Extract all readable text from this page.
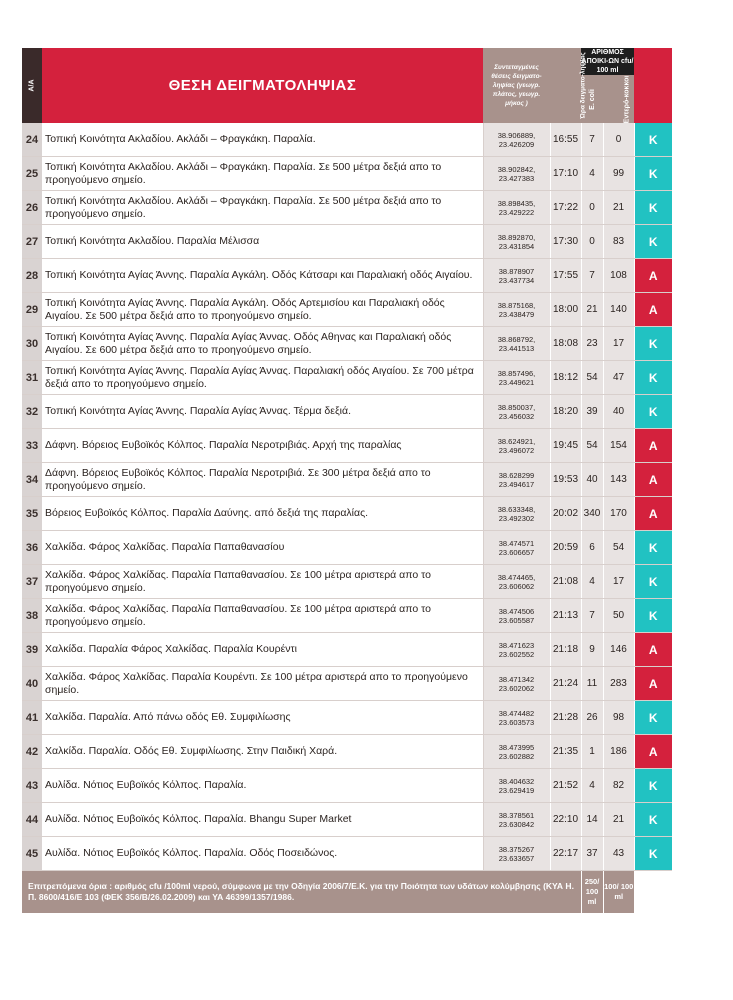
Α/Α	ΘΕΣΗ ΔΕΙΓΜΑΤΟΛΗΨΙΑΣ	Συντεταγμένες θέσεις δειγματο-ληψίας (γεωγρ. πλάτος, γεωγρ. μήκος )	Ώρα δειγματο-ληψίας	ΑΡΙΘΜΟΣ ΑΠΟΙΚΙ-ΩΝ cfu/ 100 ml		ΚΑΤΑΛΛΗΛΑ (Κ) ΑΚΑΤΑΛΛΗΛΑ (Α)
				E. coli	Εντερό-κοκκοι	
24	Τοπική Κοινότητα Ακλαδίου. Ακλάδι – Φραγκάκη. Παραλία.	38.906889,
23.426209	16:55	7	0	Κ
25	Τοπική Κοινότητα Ακλαδίου. Ακλάδι – Φραγκάκη. Παραλία. Σε 500 μέτρα δεξιά απο το προηγούμενο σημείο.	38.902842,
23.427383	17:10	4	99	Κ
26	Τοπική Κοινότητα Ακλαδίου. Ακλάδι – Φραγκάκη. Παραλία. Σε 500 μέτρα δεξιά απο το προηγούμενο σημείο.	38.898435,
23.429222	17:22	0	21	Κ
27	Τοπική Κοινότητα Ακλαδίου. Παραλία Μέλισσα	38.892870,
23.431854	17:30	0	83	Κ
28	Τοπική Κοινότητα Αγίας Άννης. Παραλία Αγκάλη. Οδός Κάτσαρι και Παραλιακή οδός Αιγαίου.	38.878907
23.437734	17:55	7	108	Α
29	Τοπική Κοινότητα Αγίας Άννης. Παραλία Αγκάλη. Οδός Αρτεμισίου και Παραλιακή οδός Αιγαίου. Σε 500 μέτρα δεξιά απο το προηγούμενο σημείο.	38.875168,
23.438479	18:00	21	140	Α
30	Τοπική Κοινότητα Αγίας Άννης. Παραλία Αγίας Άννας. Οδός Αθηνας και Παραλιακή οδός Αιγαίου. Σε 600 μέτρα δεξιά απο το προηγούμενο σημείο.	38.868792,
23.441513	18:08	23	17	Κ
31	Τοπική Κοινότητα Αγίας Άννης. Παραλία Αγίας Άννας. Παραλιακή οδός Αιγαίου. Σε 700 μέτρα δεξιά απο το προηγούμενο σημείο.	38.857496,
23.449621	18:12	54	47	Κ
32	Τοπική Κοινότητα Αγίας Άννης. Παραλία Αγίας Άννας. Τέρμα δεξιά.	38.850037,
23.456032	18:20	39	40	Κ
33	Δάφνη. Βόρειος Ευβοϊκός Κόλπος. Παραλία Νεροτριβιάς. Αρχή της παραλίας	38.624921,
23.496072	19:45	54	154	Α
34	Δάφνη. Βόρειος Ευβοϊκός Κόλπος. Παραλία Νεροτριβιά. Σε 300 μέτρα δεξιά απο το προηγούμενο σημείο.	38.628299
23.494617	19:53	40	143	Α
35	Βόρειος Ευβοϊκός Κόλπος. Παραλία Δαύνης. από δεξιά της παραλίας.	38.633348,
23.492302	20:02	340	170	Α
36	Χαλκίδα. Φάρος Χαλκίδας. Παραλία Παπαθανασίου	38.474571
23.606657	20:59	6	54	Κ
37	Χαλκίδα. Φάρος Χαλκίδας. Παραλία Παπαθανασίου. Σε 100 μέτρα αριστερά απο το προηγούμενο σημείο.	38.474465,
23.606062	21:08	4	17	Κ
38	Χαλκίδα. Φάρος Χαλκίδας. Παραλία Παπαθανασίου. Σε 100 μέτρα αριστερά απο το προηγούμενο σημείο.	38.474506
23.605587	21:13	7	50	Κ
39	Χαλκίδα. Παραλία Φάρος Χαλκίδας. Παραλία Κουρέντι	38.471623
23.602552	21:18	9	146	Α
40	Χαλκίδα. Φάρος Χαλκίδας. Παραλία Κουρέντι. Σε 100 μέτρα αριστερά απο το προηγούμενο σημείο.	38.471342
23.602062	21:24	11	283	Α
41	Χαλκίδα. Παραλία. Από πάνω οδός Εθ. Συμφιλίωσης	38.474482
23.603573	21:28	26	98	Κ
42	Χαλκίδα. Παραλία. Οδός Εθ. Συμφιλίωσης. Στην Παιδική Χαρά.	38.473995
23.602882	21:35	1	186	Α
43	Αυλίδα. Νότιος Ευβοϊκός Κόλπος. Παραλία.	38.404632
23.629419	21:52	4	82	Κ
44	Αυλίδα. Νότιος Ευβοϊκός Κόλπος. Παραλία. Bhangu Super Market	38.378561
23.630842	22:10	14	21	Κ
45	Αυλίδα. Νότιος Ευβοϊκός Κόλπος. Παραλία. Οδός Ποσειδώνος.	38.375267
23.633657	22:17	37	43	Κ
Επιτρεπόμενα όρια : αριθμός cfu /100ml νερού, σύμφωνα με την Οδηγία 2006/7/Ε.Κ. για την Ποιότητα των υδάτων κολύμβησης (ΚΥΑ Η. Π. 8600/416/Ε 103 (ΦΕΚ 356/Β/26.02.2009) και ΥΑ 46399/1357/1986.				250/ 100 ml	100/ 100 ml	
